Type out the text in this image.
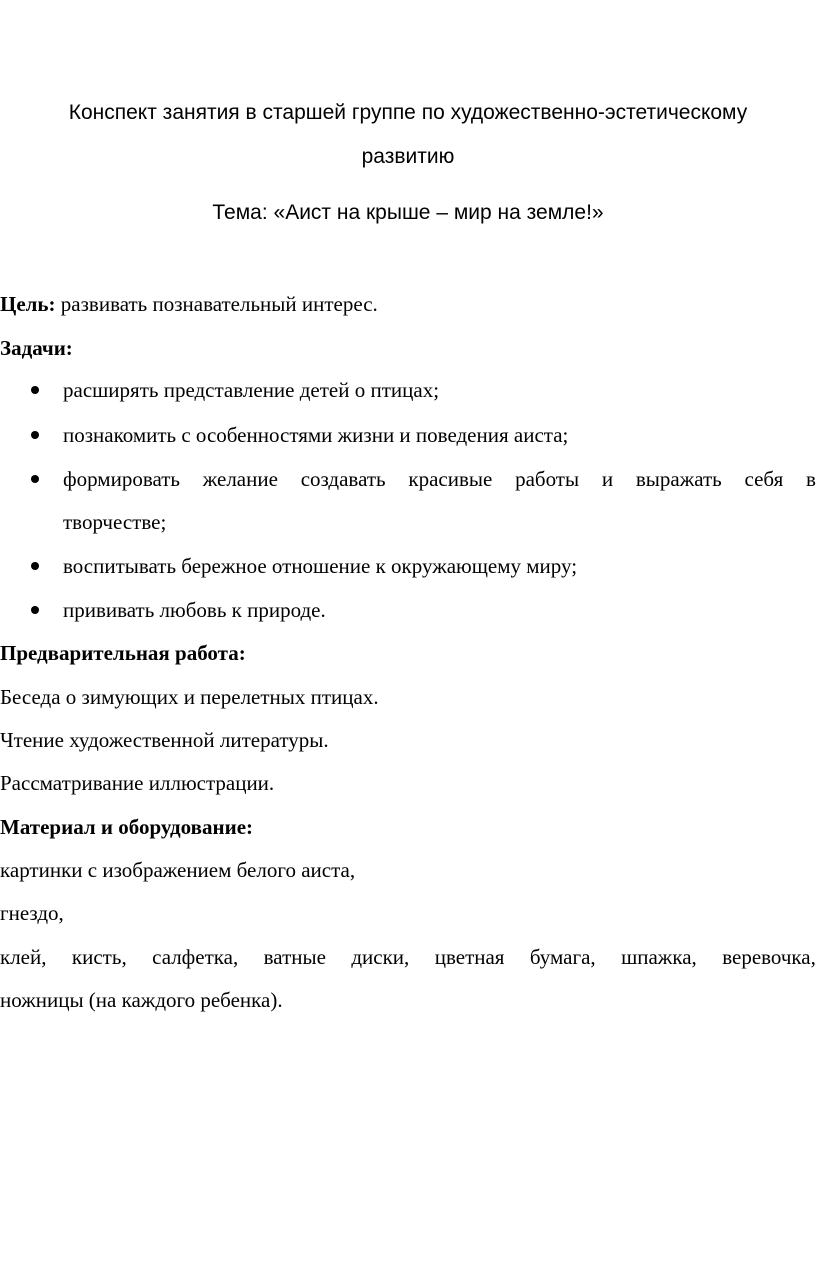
Конспект занятия в старшей группе по художественно-эстетическому
развитию
Тема: «Аист на крыше – мир на земле!»
Цель: развивать познавательный интерес.
Задачи:
расширять представление детей о птицах;
познакомить с особенностями жизни и поведения аиста;
формировать желание создавать красивые работы и выражать себя в
творчестве;
воспитывать бережное отношение к окружающему миру;
прививать любовь к природе.
Предварительная работа:
Беседа о зимующих и перелетных птицах.
Чтение художественной литературы.
Рассматривание иллюстрации.
Материал и оборудование:
картинки с изображением белого аиста,
гнездо,
клей, кисть, салфетка, ватные диски, цветная бумага, шпажка, веревочка,
ножницы (на каждого ребенка).
